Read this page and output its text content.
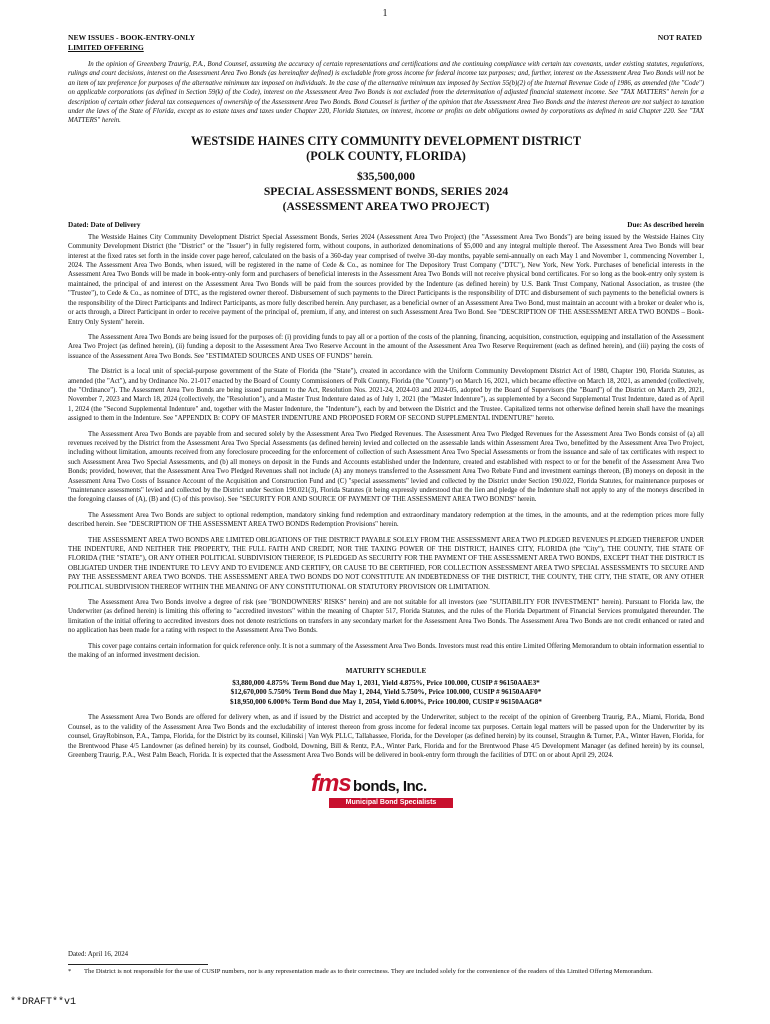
1
NEW ISSUES - BOOK-ENTRY-ONLY
LIMITED OFFERING
NOT RATED

In the opinion of Greenberg Traurig, P.A., Bond Counsel, assuming the accuracy of certain representations and certifications and the continuing compliance with certain tax covenants, under existing statutes, regulations, rulings and court decisions, interest on the Assessment Area Two Bonds (as hereinafter defined) is excludable from gross income for federal income tax purposes; and, further, interest on the Assessment Area Two Bonds will not be an item of tax preference for purposes of the alternative minimum tax imposed on individuals. In the case of the alternative minimum tax imposed by Section 55(b)(2) of the Internal Revenue Code of 1986, as amended (the "Code") on applicable corporations (as defined in Section 59(k) of the Code), interest on the Assessment Area Two Bonds is not excluded from the determination of adjusted financial statement income. See "TAX MATTERS" herein for a description of certain other federal tax consequences of ownership of the Assessment Area Two Bonds. Bond Counsel is further of the opinion that the Assessment Area Two Bonds and the interest thereon are not subject to taxation under the laws of the State of Florida, except as to estate taxes and taxes under Chapter 220, Florida Statutes, on interest, income or profits on debt obligations owned by corporations as defined in said Chapter 220. See "TAX MATTERS" herein.

WESTSIDE HAINES CITY COMMUNITY DEVELOPMENT DISTRICT
(POLK COUNTY, FLORIDA)
$35,500,000
SPECIAL ASSESSMENT BONDS, SERIES 2024
(ASSESSMENT AREA TWO PROJECT)
Dated: Date of Delivery	Due: As described herein

The Westside Haines City Community Development District Special Assessment Bonds, Series 2024 (Assessment Area Two Project) (the "Assessment Area Two Bonds") are being issued by the Westside Haines City Community Development District (the "District" or the "Issuer") in fully registered form, without coupons, in authorized denominations of $5,000 and any integral multiple thereof. The Assessment Area Two Bonds will bear interest at the fixed rates set forth in the inside cover page hereof, calculated on the basis of a 360-day year comprised of twelve 30-day months, payable semi-annually on each May 1 and November 1, commencing November 1, 2024. The Assessment Area Two Bonds, when issued, will be registered in the name of Cede & Co., as nominee for The Depository Trust Company ("DTC"), New York, New York. Purchases of beneficial interests in the Assessment Area Two Bonds will be made in book-entry-only form and purchasers of beneficial interests in the Assessment Area Two Bonds will not receive physical bond certificates. For so long as the book-entry only system is maintained, the principal of and interest on the Assessment Area Two Bonds will be paid from the sources provided by the Indenture (as defined herein) by U.S. Bank Trust Company, National Association, as trustee (the "Trustee"), to Cede & Co., as nominee of DTC, as the registered owner thereof. Disbursement of such payments to the Direct Participants is the responsibility of DTC and disbursement of such payments to the beneficial owners is the responsibility of the Direct Participants and Indirect Participants, as more fully described herein. Any purchaser, as a beneficial owner of an Assessment Area Two Bond, must maintain an account with a broker or dealer who is, or acts through, a Direct Participant in order to receive payment of the principal of, premium, if any, and interest on such Assessment Area Two Bond. See "DESCRIPTION OF THE ASSESSMENT AREA TWO BONDS – Book-Entry Only System" herein.

The Assessment Area Two Bonds are being issued for the purposes of: (i) providing funds to pay all or a portion of the costs of the planning, financing, acquisition, construction, equipping and installation of the Assessment Area Two Project (as defined herein), (ii) funding a deposit to the Assessment Area Two Reserve Account in the amount of the Assessment Area Two Reserve Requirement (each as defined herein), and (iii) paying the costs of issuance of the Assessment Area Two Bonds. See "ESTIMATED SOURCES AND USES OF FUNDS" herein.

The District is a local unit of special-purpose government of the State of Florida (the "State"), created in accordance with the Uniform Community Development District Act of 1980, Chapter 190, Florida Statutes, as amended (the "Act"), and by Ordinance No. 21-017 enacted by the Board of County Commissioners of Polk County, Florida (the "County") on March 16, 2021, which became effective on March 18, 2021, as amended (collectively, the "Ordinance"). The Assessment Area Two Bonds are being issued pursuant to the Act, Resolution Nos. 2021-24, 2024-03 and 2024-05, adopted by the Board of Supervisors (the "Board") of the District on March 29, 2021, November 7, 2023 and March 18, 2024 (collectively, the "Resolution"), and a Master Trust Indenture dated as of July 1, 2021 (the "Master Indenture"), as supplemented by a Second Supplemental Trust Indenture, dated as of April 1, 2024 (the "Second Supplemental Indenture" and, together with the Master Indenture, the "Indenture"), each by and between the District and the Trustee. Capitalized terms not otherwise defined herein shall have the meanings assigned to them in the Indenture. See "APPENDIX B: COPY OF MASTER INDENTURE AND PROPOSED FORM OF SECOND SUPPLEMENTAL INDENTURE" hereto.

The Assessment Area Two Bonds are payable from and secured solely by the Assessment Area Two Pledged Revenues. The Assessment Area Two Pledged Revenues for the Assessment Area Two Bonds consist of (a) all revenues received by the District from the Assessment Area Two Special Assessments (as defined herein) levied and collected on the assessable lands within Assessment Area Two, benefitted by the Assessment Area Two Project, including without limitation, amounts received from any foreclosure proceeding for the enforcement of collection of such Assessment Area Two Special Assessments or from the issuance and sale of tax certificates with respect to such Assessment Area Two Special Assessments, and (b) all moneys on deposit in the Funds and Accounts established under the Indenture, created and established with respect to or for the benefit of the Assessment Area Two Bonds; provided, however, that the Assessment Area Two Pledged Revenues shall not include (A) any moneys transferred to the Assessment Area Two Rebate Fund and investment earnings thereon, (B) moneys on deposit in the Assessment Area Two Costs of Issuance Account of the Acquisition and Construction Fund and (C) "special assessments" levied and collected by the District under Section 190.022, Florida Statutes, for maintenance purposes or "maintenance assessments" levied and collected by the District under Section 190.021(3), Florida Statutes (it being expressly understood that the lien and pledge of the Indenture shall not apply to any of the moneys described in the foregoing clauses of (A), (B) and (C) of this proviso). See "SECURITY FOR AND SOURCE OF PAYMENT OF THE ASSESSMENT AREA TWO BONDS" herein.

The Assessment Area Two Bonds are subject to optional redemption, mandatory sinking fund redemption and extraordinary mandatory redemption at the times, in the amounts, and at the redemption prices more fully described herein. See "DESCRIPTION OF THE ASSESSMENT AREA TWO BONDS Redemption Provisions" herein.

THE ASSESSMENT AREA TWO BONDS ARE LIMITED OBLIGATIONS OF THE DISTRICT PAYABLE SOLELY FROM THE ASSESSMENT AREA TWO PLEDGED REVENUES PLEDGED THEREFOR UNDER THE INDENTURE, AND NEITHER THE PROPERTY, THE FULL FAITH AND CREDIT, NOR THE TAXING POWER OF THE DISTRICT, HAINES CITY, FLORIDA (the "City"), THE COUNTY, THE STATE OF FLORIDA (THE "STATE"), OR ANY OTHER POLITICAL SUBDIVISION THEREOF, IS PLEDGED AS SECURITY FOR THE PAYMENT OF THE ASSESSMENT AREA TWO BONDS, EXCEPT THAT THE DISTRICT IS OBLIGATED UNDER THE INDENTURE TO LEVY AND TO EVIDENCE AND CERTIFY, OR CAUSE TO BE CERTIFIED, FOR COLLECTION ASSESSMENT AREA TWO SPECIAL ASSESSMENTS TO SECURE AND PAY THE ASSESSMENT AREA TWO BONDS. THE ASSESSMENT AREA TWO BONDS DO NOT CONSTITUTE AN INDEBTEDNESS OF THE DISTRICT, THE COUNTY, THE CITY, THE STATE, OR ANY OTHER POLITICAL SUBDIVISION THEREOF WITHIN THE MEANING OF ANY CONSTITUTIONAL OR STATUTORY PROVISION OR LIMITATION.

The Assessment Area Two Bonds involve a degree of risk (see "BONDOWNERS' RISKS" herein) and are not suitable for all investors (see "SUITABILITY FOR INVESTMENT" herein). Pursuant to Florida law, the Underwriter (as defined herein) is limiting this offering to "accredited investors" within the meaning of Chapter 517, Florida Statutes, and the rules of the Florida Department of Financial Services promulgated thereunder. The limitation of the initial offering to accredited investors does not denote restrictions on transfers in any secondary market for the Assessment Area Two Bonds. The Assessment Area Two Bonds are not credit enhanced or rated and no application has been made for a rating with respect to the Assessment Area Two Bonds.

This cover page contains certain information for quick reference only. It is not a summary of the Assessment Area Two Bonds. Investors must read this entire Limited Offering Memorandum to obtain information essential to the making of an informed investment decision.

MATURITY SCHEDULE
$3,880,000 4.875% Term Bond due May 1, 2031, Yield 4.875%, Price 100.000, CUSIP # 96150AAE3*
$12,670,000 5.750% Term Bond due May 1, 2044, Yield 5.750%, Price 100.000, CUSIP # 96150AAF0*
$18,950,000 6.000% Term Bond due May 1, 2054, Yield 6.000%, Price 100.000, CUSIP # 96150AAG8*

The Assessment Area Two Bonds are offered for delivery when, as and if issued by the District and accepted by the Underwriter, subject to the receipt of the opinion of Greenberg Traurig, P.A., Miami, Florida, Bond Counsel, as to the validity of the Assessment Area Two Bonds and the excludability of interest thereon from gross income for federal income tax purposes. Certain legal matters will be passed upon for the Underwriter by its counsel, GrayRobinson, P.A., Tampa, Florida, for the District by its counsel, Kilinski | Van Wyk PLLC, Tallahassee, Florida, for the Developer (as defined herein) by its counsel, Straughn & Turner, P.A., Winter Haven, Florida, for the Brentwood Phase 4/5 Landowner (as defined herein) by its counsel, Godbold, Downing, Bill & Rentz, P.A., Winter Park, Florida and for the Brentwood Phase 4/5 Development Manager (as defined herein) by its counsel, Greenberg Traurig, P.A., West Palm Beach, Florida. It is expected that the Assessment Area Two Bonds will be delivered in book-entry form through the facilities of DTC on or about April 29, 2024.

fms bonds, Inc.
Municipal Bond Specialists
Dated: April 16, 2024
*	The District is not responsible for the use of CUSIP numbers, nor is any representation made as to their correctness. They are included solely for the convenience of the readers of this Limited Offering Memorandum.
**DRAFT**v1
